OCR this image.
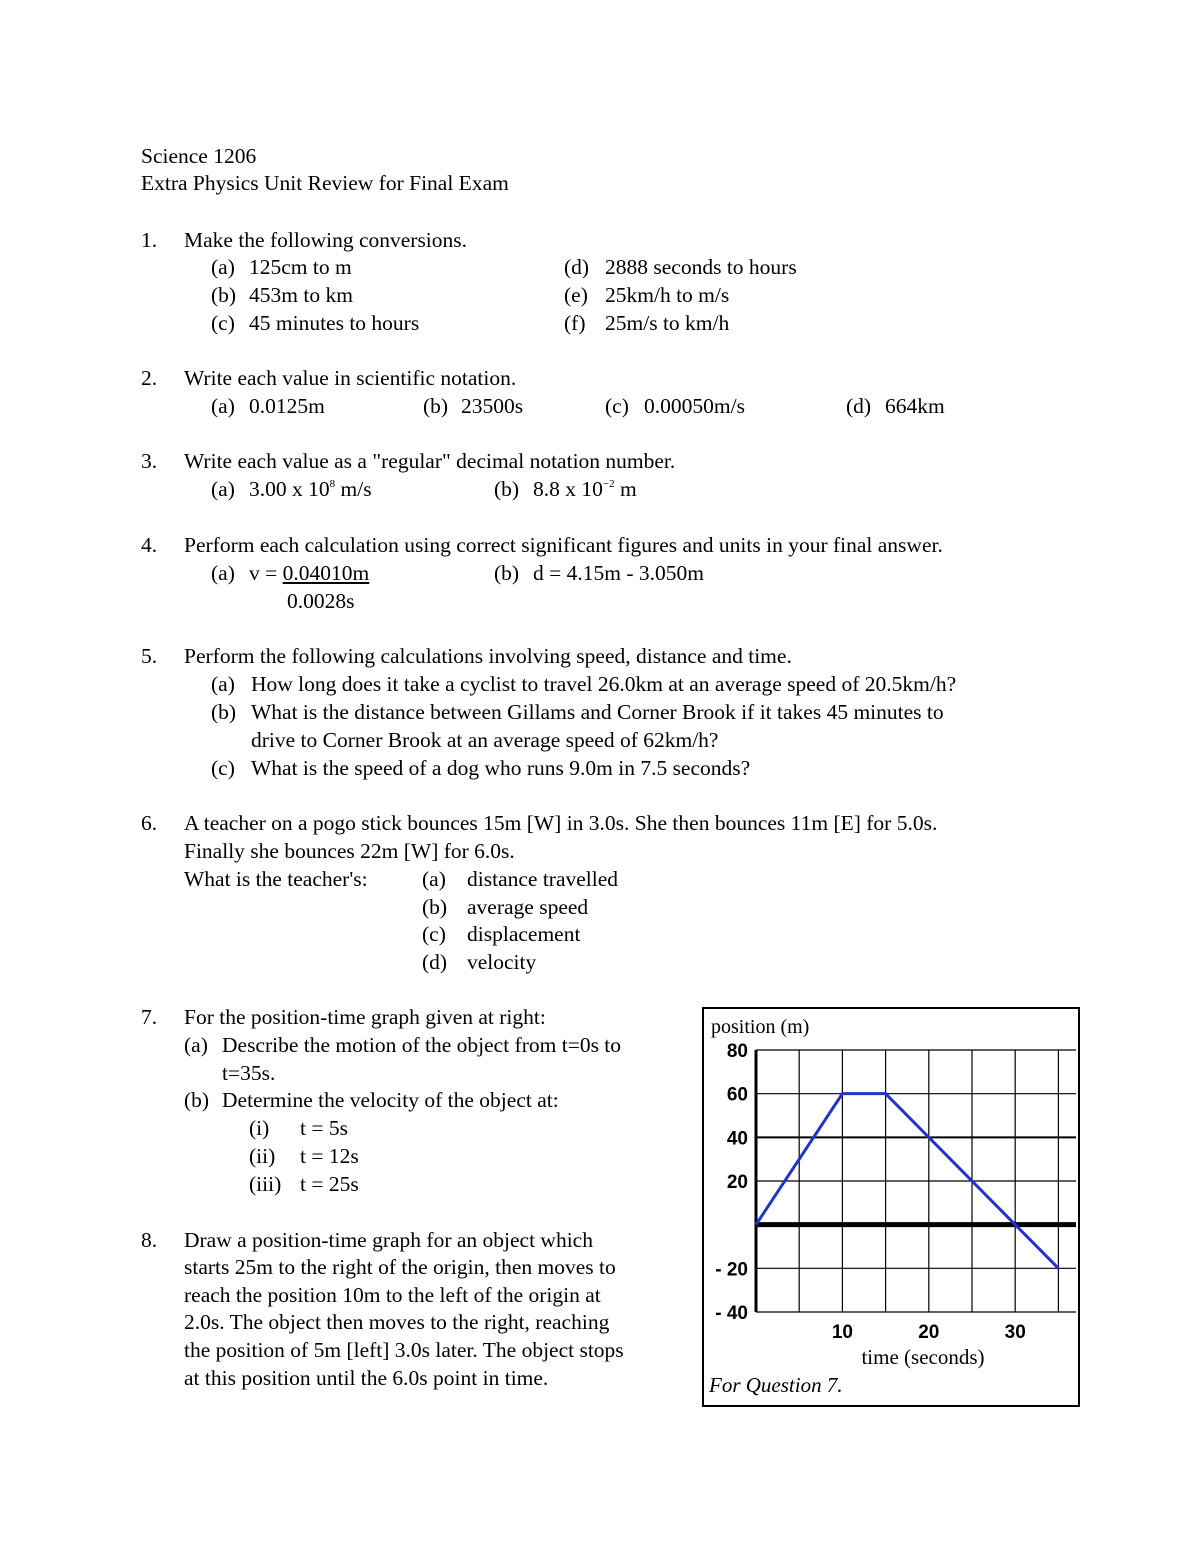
Science 1206
Extra Physics Unit Review for Final Exam
1. Make the following conversions.
(a) 125cm to m
(b) 453m to km
(c) 45 minutes to hours
(d) 2888 seconds to hours
(e) 25km/h to m/s
(f) 25m/s to km/h
2. Write each value in scientific notation.
(a) 0.0125m	(b) 23500s	(c) 0.00050m/s	(d) 664km
3. Write each value as a "regular" decimal notation number.
(a) 3.00 x $10^8$ m/s	(b) 8.8 x $10^{-2}$ m
4. Perform each calculation using correct significant figures and units in your final answer.
(a) v = 0.04010m
0.0028s
(b) d = 4.15m - 3.050m
5. Perform the following calculations involving speed, distance and time.
(a) How long does it take a cyclist to travel 26.0km at an average speed of 20.5km/h?
(b) What is the distance between Gillams and Corner Brook if it takes 45 minutes to
drive to Corner Brook at an average speed of 62km/h?
(c) What is the speed of a dog who runs 9.0m in 7.5 seconds?
6. A teacher on a pogo stick bounces 15m [W] in 3.0s. She then bounces 11m [E] for 5.0s.
Finally she bounces 22m [W] for 6.0s.
What is the teacher's:	(a) distance travelled
(b) average speed
(c) displacement
(d) velocity
7. For the position-time graph given at right:
(a) Describe the motion of the object from t=0s to
t=35s.
(b) Determine the velocity of the object at:
(i) t = 5s
(ii) t = 12s
(iii) t = 25s
8. Draw a position-time graph for an object which
starts 25m to the right of the origin, then moves to
reach the position 10m to the left of the origin at
2.0s. The object then moves to the right, reaching
the position of 5m [left] 3.0s later. The object stops
at this position until the 6.0s point in time.
position (m)
80
60
40
20
- 20
- 40
10	20	30
time (seconds)
For Question 7.
